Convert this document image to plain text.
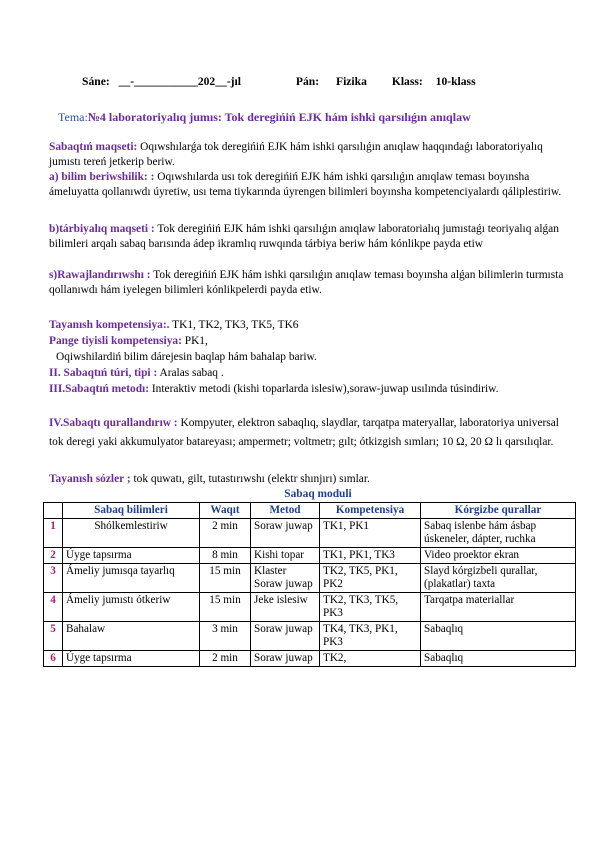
Sáne: __-___________202__-jıl	Pán: Fizika Klass: 10-klass
Tema:№4 laboratoriyalıq jumıs: Tok deregińiń EJK hám ishki qarsılıǵın anıqlaw
Sabaqtıń maqseti: Oqıwshılarǵa tok deregińiń EJK hám ishki qarsılıǵın anıqlaw haqqındaǵı laboratoriyalıq jumıstı tereń jetkerip beriw.
a) bilim beriwshilik: : Oqıwshılarda usı tok deregińiń EJK hám ishki qarsılıǵın anıqlaw teması boyınsha ámeluyatta qollanıwdı úyretiw, usı tema tiykarında úyrengen bilimleri boyınsha kompetenciyalardı qáliplestiriw.
b)tárbiyalıq maqseti : Tok deregińiń EJK hám ishki qarsılıǵın anıqlaw laboratorialıq jumıstaǵı teoriyalıq alǵan bilimleri arqalı sabaq barısında ádep ikramlıq ruwqında tárbiya beriw hám kónlikpe payda etiw
s)Rawajlandırıwshı : Tok deregińiń EJK hám ishki qarsılıǵın anıqlaw teması boyınsha alǵan bilimlerin turmısta qollanıwdı hám iyelegen bilimleri kónlikpelerdi payda etiw.
Tayanısh kompetensiya:. TK1, TK2, TK3, TK5, TK6
Pange tiyisli kompetensiya: PK1,
Oqiwshilardiń bilim dárejesin baqlap hám bahalap bariw.
II. Sabaqtıń túri, tipi : Aralas sabaq .
III.Sabaqtıń metodı: Interaktiv metodi (kishi toparlarda islesiw),soraw-juwap usılında túsindiriw.
IV.Sabaqtı qurallandırıw : Kompyuter, elektron sabaqlıq, slaydlar, tarqatpa materyallar, laboratoriya universal tok deregi yaki akkumulyator batareyası; ampermetr; voltmetr; gılt; ótkizgish sımları; 10 Ω, 20 Ω lı qarsılıqlar.
Tayanısh sózler ; tok quwatı, gilt, tutastırıwshı (elektr shınjırı) sımlar.
Sabaq moduli
	Sabaq bilimleri	Waqıt	Metod	Kompetensiya	Kórgizbe qurallar
1	Shólkemlestiriw	2 min	Soraw juwap	TK1, PK1	Sabaq islenbe hám ásbap úskeneler, dápter, ruchka
2	Úyge tapsırma	8 min	Kishi topar	TK1, PK1, TK3	Video proektor ekran
3	Ámeliy jumısqa tayarlıq	15 min	Klaster Soraw juwap	TK2, TK5, PK1, PK2	Slayd kórgizbeli qurallar, (plakatlar) taxta
4	Ámeliy jumıstı ótkeriw	15 min	Jeke islesiw	TK2, TK3, TK5, PK3	Tarqatpa materiallar
5	Bahalaw	3 min	Soraw juwap	TK4, TK3, PK1, PK3	Sabaqlıq
6	Úyge tapsırma	2 min	Soraw juwap	TK2,	Sabaqlıq
